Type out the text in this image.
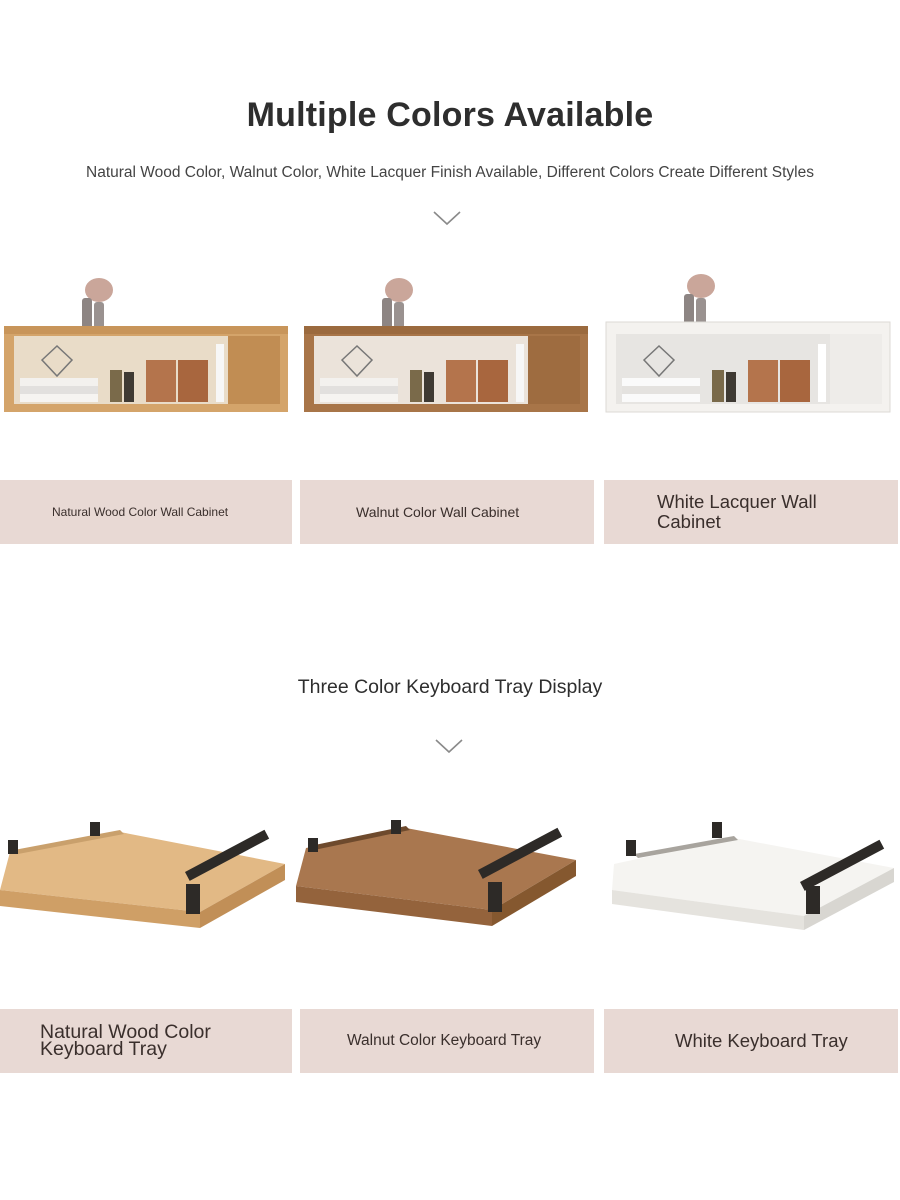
Multiple Colors Available
Natural Wood Color, Walnut Color, White Lacquer Finish Available, Different Colors Create Different Styles
Natural Wood Color Wall Cabinet	Walnut Color Wall Cabinet	White Lacquer Wall Cabinet
Three Color Keyboard Tray Display
Natural Wood Color Keyboard Tray	Walnut Color Keyboard Tray	White Keyboard Tray
